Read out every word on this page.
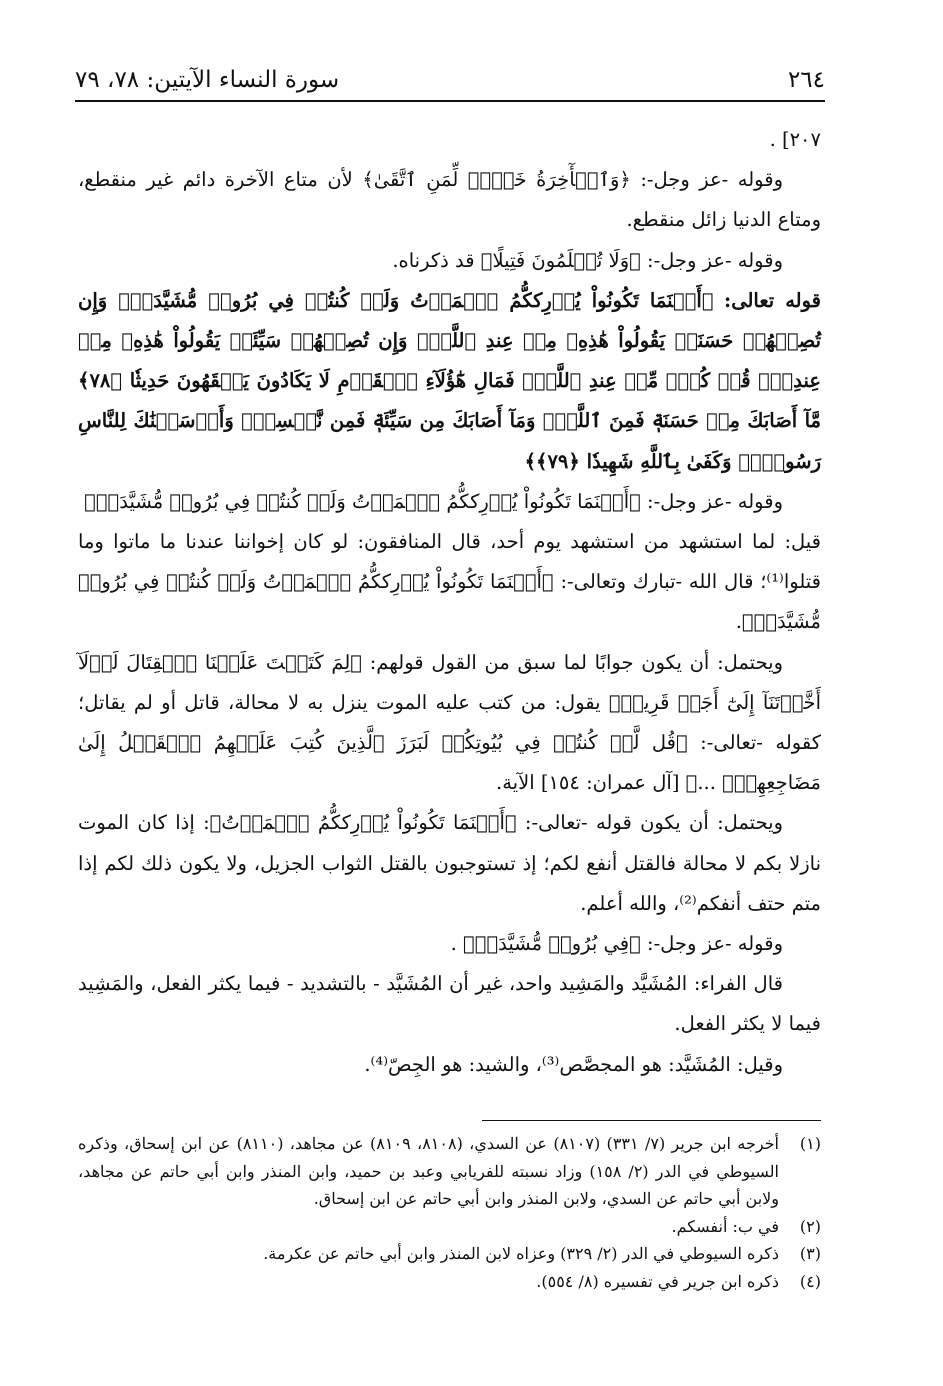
٢٦٤
سورة النساء الآيتين: ٧٨، ٧٩

٢٠٧] .

وقوله -عز وجل-: ﴿وَٱلۡأٓخِرَةُ خَيۡرٞ لِّمَنِ ٱتَّقَىٰ﴾ لأن متاع الآخرة دائم غير منقطع، ومتاع الدنيا زائل منقطع.

وقوله -عز وجل-: ﴿وَلَا تُظۡلَمُونَ فَتِيلًا﴾ قد ذكرناه.

قوله تعالى: ﴿أَيۡنَمَا تَكُونُواْ يُدۡرِككُّمُ ٱلۡمَوۡتُ وَلَوۡ كُنتُمۡ فِي بُرُوجٖ مُّشَيَّدَةٖۗ وَإِن تُصِبۡهُمۡ حَسَنَةٞ يَقُولُواْ هَٰذِهِۦ مِنۡ عِندِ ٱللَّهِۖ وَإِن تُصِبۡهُمۡ سَيِّئَةٞ يَقُولُواْ هَٰذِهِۦ مِنۡ عِندِكَۚ قُلۡ كُلّٞ مِّنۡ عِندِ ٱللَّهِۖ فَمَالِ هَٰٓؤُلَآءِ ٱلۡقَوۡمِ لَا يَكَادُونَ يَفۡقَهُونَ حَدِيثٗا ﴿٧٨﴾ مَّآ أَصَابَكَ مِنۡ حَسَنَةٖ فَمِنَ ٱللَّهِۖ وَمَآ أَصَابَكَ مِن سَيِّئَةٖ فَمِن نَّفۡسِكَۚ وَأَرۡسَلۡنَٰكَ لِلنَّاسِ رَسُولٗاۚ وَكَفَىٰ بِٱللَّهِ شَهِيدٗا ﴿٧٩﴾﴾

وقوله -عز وجل-: ﴿أَيۡنَمَا تَكُونُواْ يُدۡرِككُّمُ ٱلۡمَوۡتُ وَلَوۡ كُنتُمۡ فِي بُرُوجٖ مُّشَيَّدَةٖ﴾

قيل: لما استشهد من استشهد يوم أحد، قال المنافقون: لو كان إخواننا عندنا ما ماتوا وما قتلوا⁽¹⁾؛ قال الله -تبارك وتعالى-: ﴿أَيۡنَمَا تَكُونُواْ يُدۡرِككُّمُ ٱلۡمَوۡتُ وَلَوۡ كُنتُمۡ فِي بُرُوجٖ مُّشَيَّدَةٖ﴾.

ويحتمل: أن يكون جوابًا لما سبق من القول قولهم: ﴿لِمَ كَتَبۡتَ عَلَيۡنَا ٱلۡقِتَالَ لَوۡلَآ أَخَّرۡتَنَآ إِلَىٰٓ أَجَلٖ قَرِيبٖ﴾ يقول: من كتب عليه الموت ينزل به لا محالة، قاتل أو لم يقاتل؛ كقوله -تعالى-: ﴿قُل لَّوۡ كُنتُمۡ فِي بُيُوتِكُمۡ لَبَرَزَ ٱلَّذِينَ كُتِبَ عَلَيۡهِمُ ٱلۡقَتۡلُ إِلَىٰ مَضَاجِعِهِمۡۖ ...﴾ [آل عمران: ١٥٤] الآية.

ويحتمل: أن يكون قوله -تعالى-: ﴿أَيۡنَمَا تَكُونُواْ يُدۡرِككُّمُ ٱلۡمَوۡتُ﴾: إذا كان الموت نازلا بكم لا محالة فالقتل أنفع لكم؛ إذ تستوجبون بالقتل الثواب الجزيل، ولا يكون ذلك لكم إذا متم حتف أنفكم⁽²⁾، والله أعلم.

وقوله -عز وجل-: ﴿فِي بُرُوجٖ مُّشَيَّدَةٖ﴾ .

قال الفراء: المُشَيَّد والمَشِيد واحد، غير أن المُشَيَّد - بالتشديد - فيما يكثر الفعل، والمَشِيد فيما لا يكثر الفعل.

وقيل: المُشَيَّد: هو المجصَّص⁽³⁾، والشيد: هو الجِصّ⁽⁴⁾.

(١)
أخرجه ابن جرير (٧/ ٣٣١) (٨١٠٧) عن السدي، (٨١٠٨، ٨١٠٩) عن مجاهد، (٨١١٠) عن ابن إسحاق، وذكره السيوطي في الدر (٢/ ١٥٨) وزاد نسبته للفريابي وعبد بن حميد، وابن المنذر وابن أبي حاتم عن مجاهد، ولابن أبي حاتم عن السدي، ولابن المنذر وابن أبي حاتم عن ابن إسحاق.
(٢)
في ب: أنفسكم.
(٣)
ذكره السيوطي في الدر (٢/ ٣٢٩) وعزاه لابن المنذر وابن أبي حاتم عن عكرمة.
(٤)
ذكره ابن جرير في تفسيره (٨/ ٥٥٤).
